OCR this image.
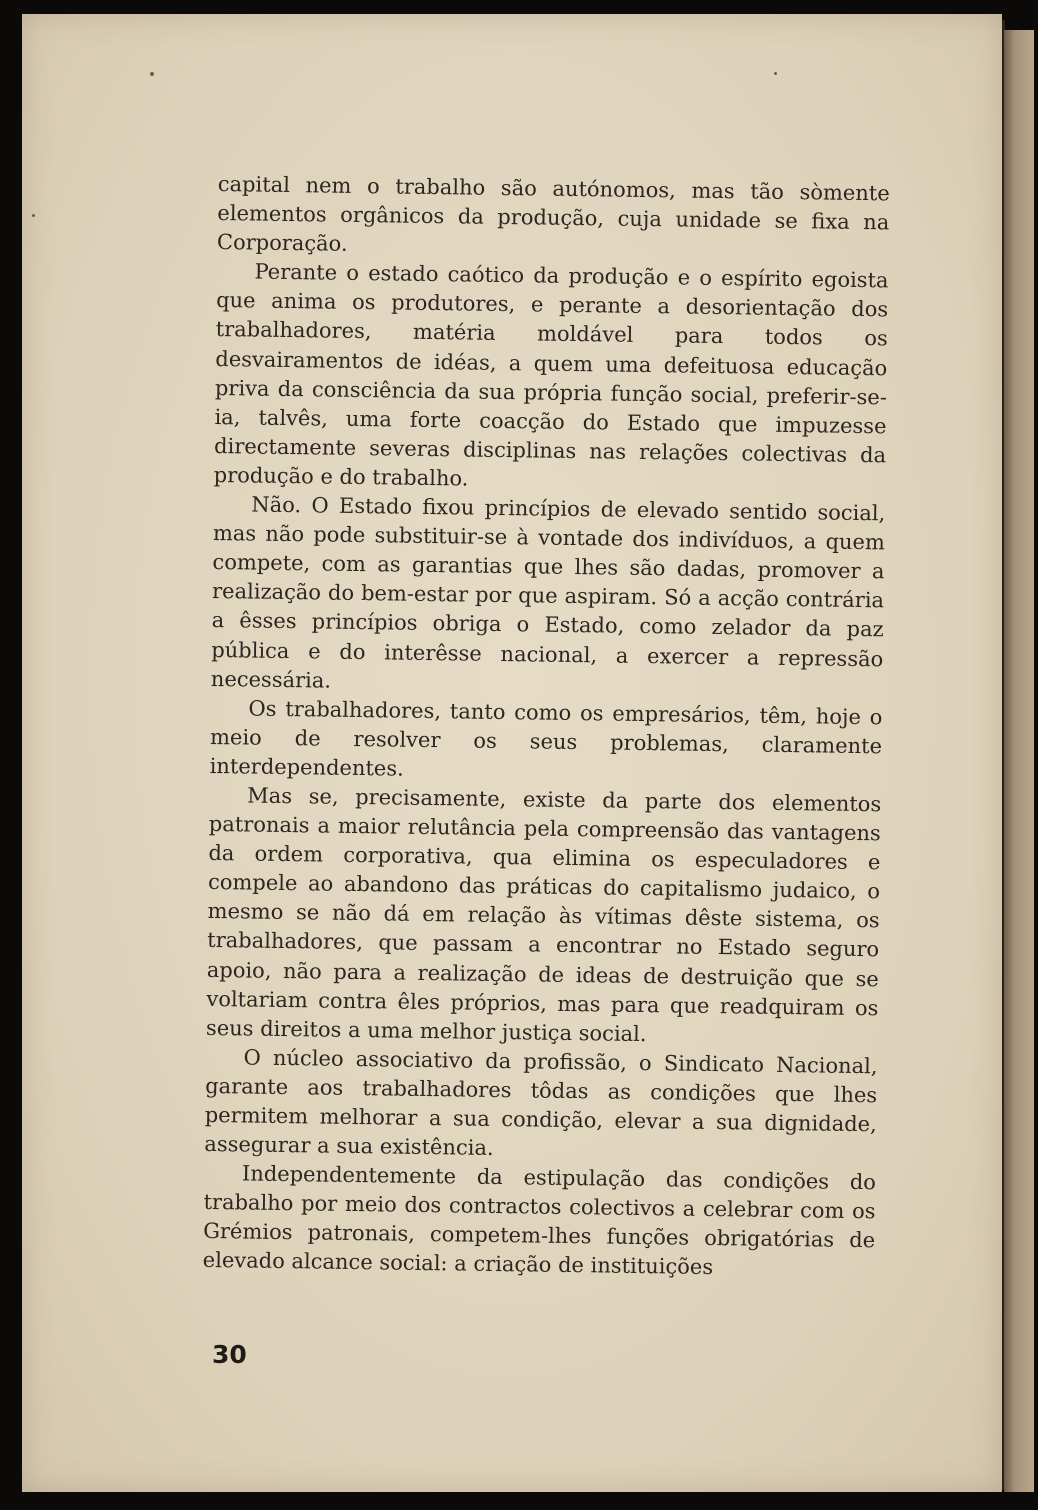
capital nem o trabalho são autónomos, mas tão sòmente elementos orgânicos da produção, cuja unidade se fixa na Corporação.

Perante o estado caótico da produção e o espírito egoista que anima os produtores, e perante a desorientação dos trabalhadores, matéria moldável para todos os desvairamentos de idéas, a quem uma defeituosa educação priva da consciência da sua própria função social, preferir-se-ia, talvês, uma forte coacção do Estado que impuzesse directamente severas disciplinas nas relações colectivas da produção e do trabalho.

Não. O Estado fixou princípios de elevado sentido social, mas não pode substituir-se à vontade dos indivíduos, a quem compete, com as garantias que lhes são dadas, promover a realização do bem-estar por que aspiram. Só a acção contrária a êsses princípios obriga o Estado, como zelador da paz pública e do interêsse nacional, a exercer a repressão necessária.

Os trabalhadores, tanto como os empresários, têm, hoje o meio de resolver os seus problemas, claramente interdependentes.

Mas se, precisamente, existe da parte dos elementos patronais a maior relutância pela compreensão das vantagens da ordem corporativa, qua elimina os especuladores e compele ao abandono das práticas do capitalismo judaico, o mesmo se não dá em relação às vítimas dêste sistema, os trabalhadores, que passam a encontrar no Estado seguro apoio, não para a realização de ideas de destruição que se voltariam contra êles próprios, mas para que readquiram os seus direitos a uma melhor justiça social.

O núcleo associativo da profissão, o Sindicato Nacional, garante aos trabalhadores tôdas as condições que lhes permitem melhorar a sua condição, elevar a sua dignidade, assegurar a sua existência.

Independentemente da estipulação das condições do trabalho por meio dos contractos colectivos a celebrar com os Grémios patronais, competem-lhes funções obrigatórias de elevado alcance social: a criação de instituições

30
